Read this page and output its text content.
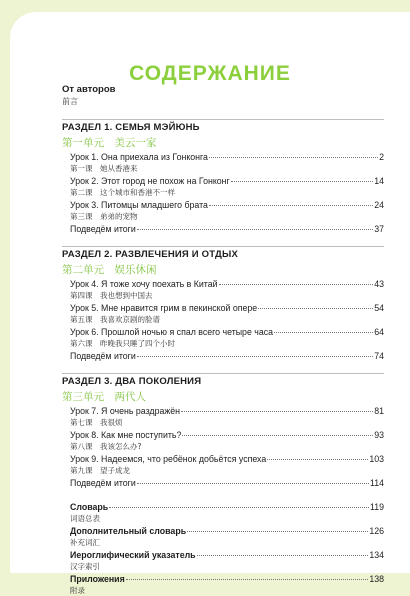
СОДЕРЖАНИЕ
От авторов
前言
РАЗДЕЛ 1. СЕМЬЯ МЭЙЮНЬ
第一单元　美云一家
Урок 1. Она приехала из Гонконга	2
第一课　 她从香港来
Урок 2. Этот город не похож на Гонконг	14
第二课　 这个城市和香港不一样
Урок 3. Питомцы младшего брата	24
第三课　 弟弟的宠物
Подведём итоги	37
РАЗДЕЛ 2. РАЗВЛЕЧЕНИЯ И ОТДЫХ
第二单元　娱乐休闲
Урок 4. Я тоже хочу поехать в Китай	43
第四课　 我也想到中国去
Урок 5. Мне нравится грим в пекинской опере	54
第五课　 我喜欢京剧的脸谱
Урок 6. Прошлой ночью я спал всего четыре часа	64
第六课　 昨晚我只睡了四个小时
Подведём итоги	74
РАЗДЕЛ 3. ДВА ПОКОЛЕНИЯ
第三单元　两代人
Урок 7. Я очень раздражён	81
第七课　 我很烦
Урок 8. Как мне поступить?	93
第八课　 我该怎么办?
Урок 9. Надеемся, что ребёнок добьётся успеха	103
第九课　 望子成龙
Подведём итоги	114
Словарь	119
词语总表
Дополнительный словарь	126
补充词汇
Иероглифический указатель	134
汉字索引
Приложения	138
附录
